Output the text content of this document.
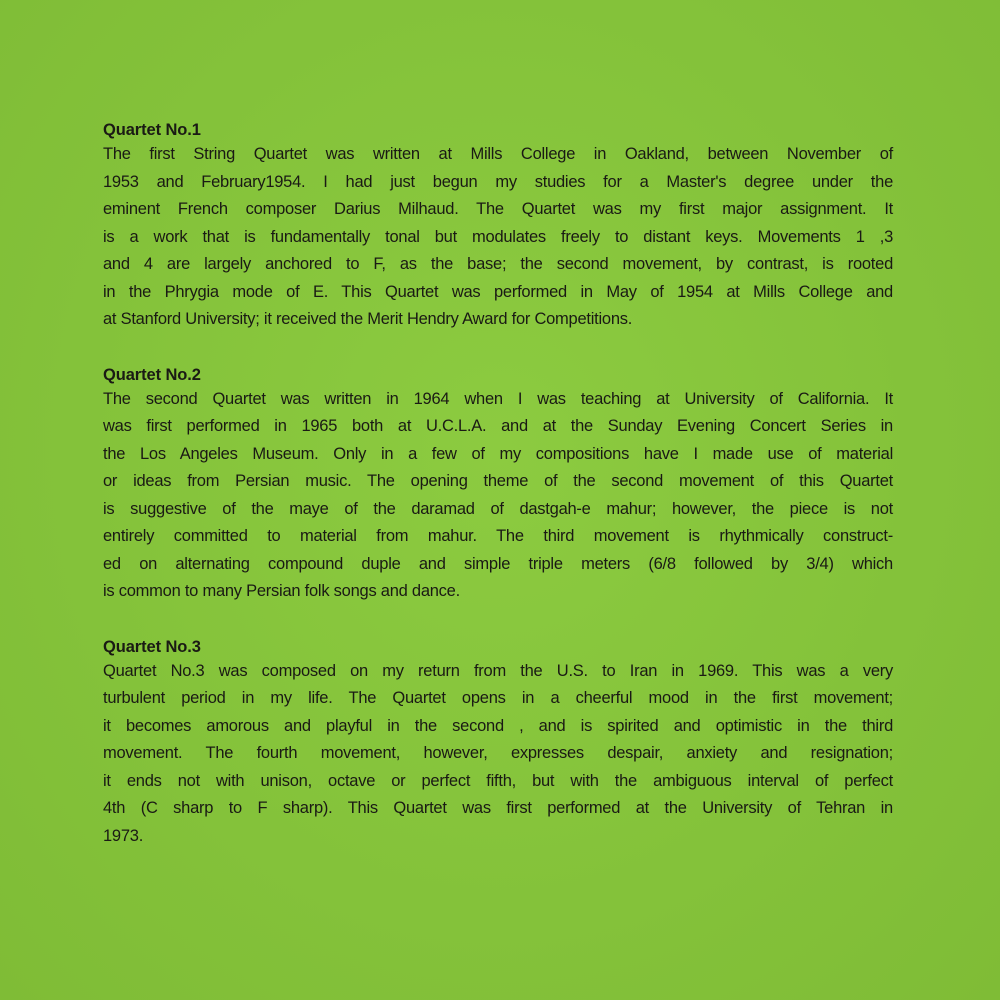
Quartet No.1

The first String Quartet was written at Mills College in Oakland, between November of

1953 and February1954. I had just begun my studies for a Master's degree under the

eminent French composer Darius Milhaud. The Quartet was my first major assignment. It

is a work that is fundamentally tonal but modulates freely to distant keys. Movements 1 ,3

and 4 are largely anchored to F, as the base; the second movement, by contrast, is rooted

in the Phrygia mode of E. This Quartet was performed in May of 1954 at Mills College and

at Stanford University; it received the Merit Hendry Award for Competitions.

Quartet No.2

The second Quartet was written in 1964 when I was teaching at University of California. It

was first performed in 1965 both at U.C.L.A. and at the Sunday Evening Concert Series in

the Los Angeles Museum. Only in a few of my compositions have I made use of material

or ideas from Persian music. The opening theme of the second movement of this Quartet

is suggestive of the maye of the daramad of dastgah-e mahur; however, the piece is not

entirely committed to material from mahur. The third movement is rhythmically construct-

ed on alternating compound duple and simple triple meters (6/8 followed by 3/4) which

is common to many Persian folk songs and dance.

Quartet No.3

Quartet No.3 was composed on my return from the U.S. to Iran in 1969. This was a very

turbulent period in my life. The Quartet opens in a cheerful mood in the first movement;

it becomes amorous and playful in the second , and is spirited and optimistic in the third

movement. The fourth movement, however, expresses despair, anxiety and resignation;

it ends not with unison, octave or perfect fifth, but with the ambiguous interval of perfect

4th (C sharp to F sharp). This Quartet was first performed at the University of Tehran in

1973.
